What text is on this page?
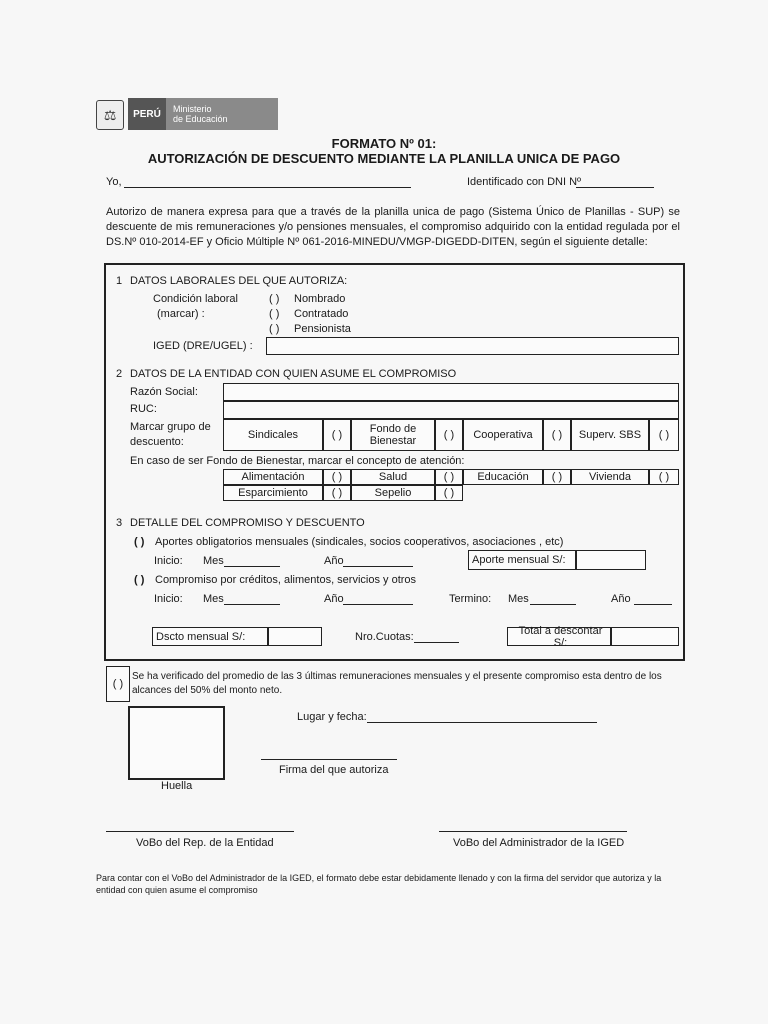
⚖	PERÚ	Ministerio
de Educación
FORMATO Nº 01:
AUTORIZACIÓN DE DESCUENTO MEDIANTE LA PLANILLA UNICA DE PAGO
Yo,	Identificado con DNI Nº
Autorizo de manera expresa para que a través de la planilla unica de pago (Sistema Único de Planillas - SUP) se descuente de mis remuneraciones y/o pensiones mensuales, el compromiso adquirido con la entidad regulada por el DS.Nº 010-2014-EF y Oficio Múltiple Nº 061-2016-MINEDU/VMGP-DIGEDD-DITEN, según el siguiente detalle:
1 DATOS LABORALES DEL QUE AUTORIZA:
Condición laboral
(marcar) :
( ) Nombrado
( ) Contratado
( ) Pensionista
IGED (DRE/UGEL) :
2 DATOS DE LA ENTIDAD CON QUIEN ASUME EL COMPROMISO
Razón Social:
RUC:
Marcar grupo de
descuento:
Sindicales	( )	Fondo de Bienestar	( )	Cooperativa	( )	Superv. SBS	( )
En caso de ser Fondo de Bienestar, marcar el concepto de atención:
Alimentación	( )	Salud	( )	Educación	( )	Vivienda	( )
Esparcimiento	( )	Sepelio	( )
3 DETALLE DEL COMPROMISO Y DESCUENTO
( ) Aportes obligatorios mensuales (sindicales, socios cooperativos, asociaciones , etc)
Inicio: Mes	Año	Aporte mensual S/:
( ) Compromiso por créditos, alimentos, servicios y otros
Inicio: Mes	Año	Termino: Mes	Año
Dscto mensual S/:	Nro.Cuotas:
Total a descontar S/:
( )
Se ha verificado del promedio de las 3 últimas remuneraciones mensuales y el presente compromiso esta dentro de los alcances del 50% del monto neto.
Huella
Lugar y fecha:
Firma del que autoriza
VoBo del Rep. de la Entidad	VoBo del Administrador de la IGED
Para contar con el VoBo del Administrador de la IGED, el formato debe estar debidamente llenado y con la firma del servidor que autoriza y la entidad con quien asume el compromiso
